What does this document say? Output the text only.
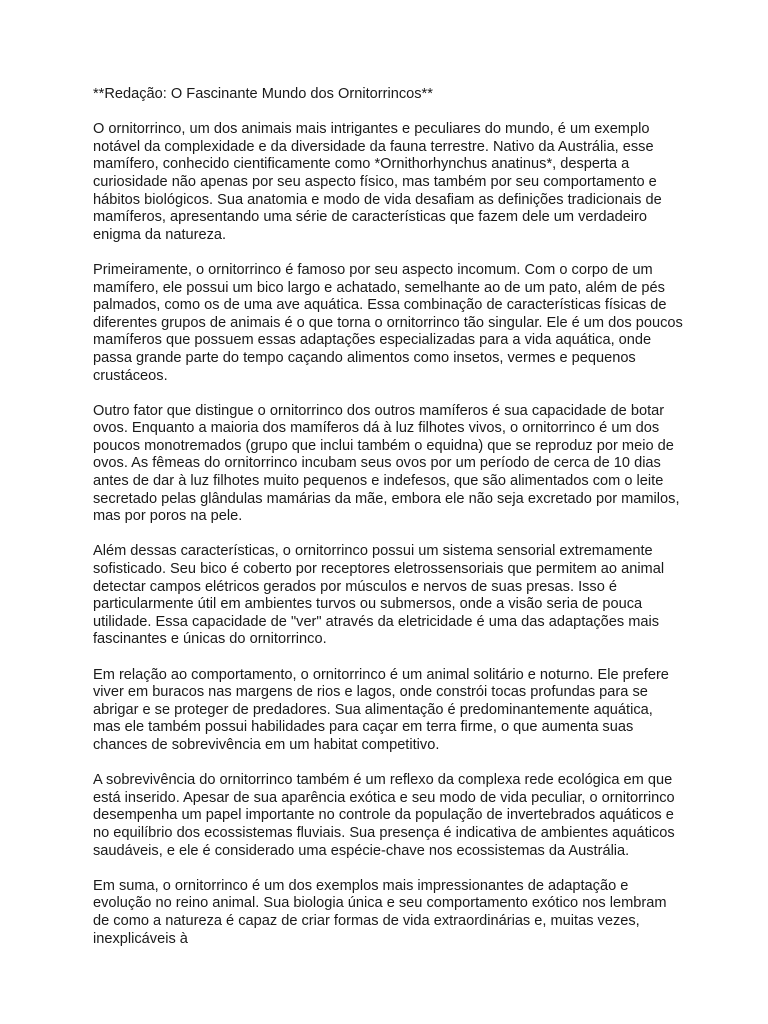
**Redação: O Fascinante Mundo dos Ornitorrincos**

O ornitorrinco, um dos animais mais intrigantes e peculiares do mundo, é um exemplo notável da complexidade e da diversidade da fauna terrestre. Nativo da Austrália, esse mamífero, conhecido cientificamente como *Ornithorhynchus anatinus*, desperta a curiosidade não apenas por seu aspecto físico, mas também por seu comportamento e hábitos biológicos. Sua anatomia e modo de vida desafiam as definições tradicionais de mamíferos, apresentando uma série de características que fazem dele um verdadeiro enigma da natureza.

Primeiramente, o ornitorrinco é famoso por seu aspecto incomum. Com o corpo de um mamífero, ele possui um bico largo e achatado, semelhante ao de um pato, além de pés palmados, como os de uma ave aquática. Essa combinação de características físicas de diferentes grupos de animais é o que torna o ornitorrinco tão singular. Ele é um dos poucos mamíferos que possuem essas adaptações especializadas para a vida aquática, onde passa grande parte do tempo caçando alimentos como insetos, vermes e pequenos crustáceos.

Outro fator que distingue o ornitorrinco dos outros mamíferos é sua capacidade de botar ovos. Enquanto a maioria dos mamíferos dá à luz filhotes vivos, o ornitorrinco é um dos poucos monotremados (grupo que inclui também o equidna) que se reproduz por meio de ovos. As fêmeas do ornitorrinco incubam seus ovos por um período de cerca de 10 dias antes de dar à luz filhotes muito pequenos e indefesos, que são alimentados com o leite secretado pelas glândulas mamárias da mãe, embora ele não seja excretado por mamilos, mas por poros na pele.

Além dessas características, o ornitorrinco possui um sistema sensorial extremamente sofisticado. Seu bico é coberto por receptores eletrossensoriais que permitem ao animal detectar campos elétricos gerados por músculos e nervos de suas presas. Isso é particularmente útil em ambientes turvos ou submersos, onde a visão seria de pouca utilidade. Essa capacidade de "ver" através da eletricidade é uma das adaptações mais fascinantes e únicas do ornitorrinco.

Em relação ao comportamento, o ornitorrinco é um animal solitário e noturno. Ele prefere viver em buracos nas margens de rios e lagos, onde constrói tocas profundas para se abrigar e se proteger de predadores. Sua alimentação é predominantemente aquática, mas ele também possui habilidades para caçar em terra firme, o que aumenta suas chances de sobrevivência em um habitat competitivo.

A sobrevivência do ornitorrinco também é um reflexo da complexa rede ecológica em que está inserido. Apesar de sua aparência exótica e seu modo de vida peculiar, o ornitorrinco desempenha um papel importante no controle da população de invertebrados aquáticos e no equilíbrio dos ecossistemas fluviais. Sua presença é indicativa de ambientes aquáticos saudáveis, e ele é considerado uma espécie-chave nos ecossistemas da Austrália.

Em suma, o ornitorrinco é um dos exemplos mais impressionantes de adaptação e evolução no reino animal. Sua biologia única e seu comportamento exótico nos lembram de como a natureza é capaz de criar formas de vida extraordinárias e, muitas vezes, inexplicáveis à
